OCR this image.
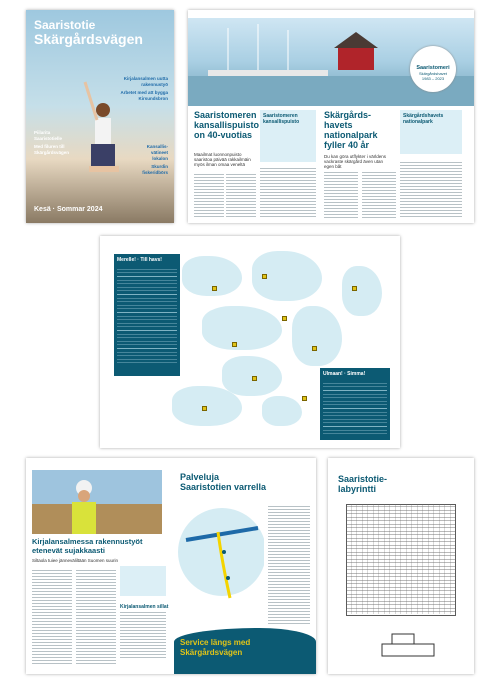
Saaristotie
Skärgårdsvägen
Kirjalansalmen uutta
rakennustyö
Arbetet med att bygga
Kirsundsbron
Piilarita
Saaristotielle
Med filuren till
Skärgårdsvägen
Kansallis-
vätineet
lokalon
Skurdin
fiskeridbörs
Kesä · Sommar 2024
Saaristomeri
Skärgårdshavet
1983 – 2023
Saaristomeren kansallispuisto on 40-vuotias
Maailmat luonnonpuisto saaristoa päivää rakkailmäin myös ilman omaa veneltä
Saaristomeren kansallispuisto
Skärgårds-havets nationalpark fyller 40 år
Du kan göra utflykter i världens vackraste skärgård även utan egen båt
Skärgårdshavets nationalpark
Merelle! · Till havs!
Ulmaan! · Simma!
Kirjalansalmessa rakennustyöt etenevät sujakkaasti
Siltaola tuiee jänneväliltään Suomen suurin
Kirjalansalmen sillat
Palveluja
Saaristotien varrella
Service längs med
Skärgårdsvägen
Saaristotie-
labyrintti
